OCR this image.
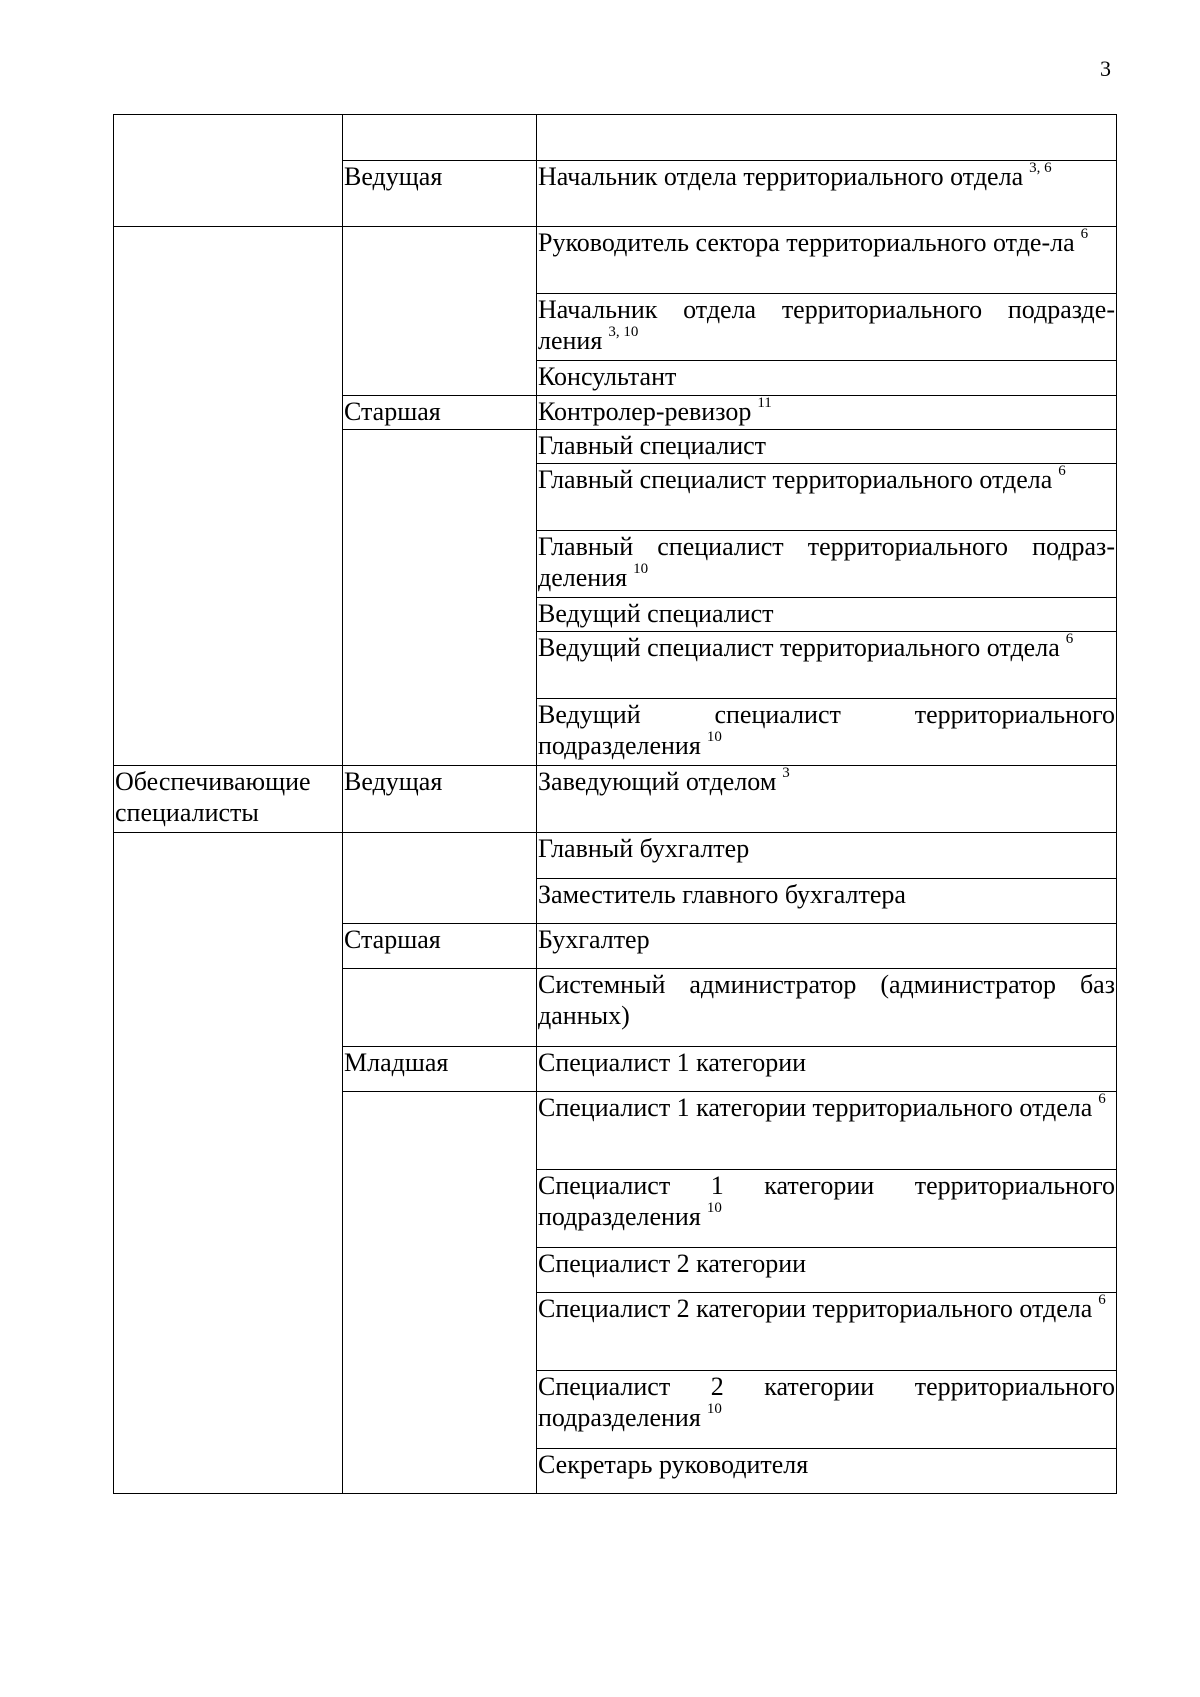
3

	Ведущая	Начальник отдела территориального отдела $^{3, 6}$
		Руководитель сектора территориального отде-ла $^6$
		Начальник отдела территориального подразде-ления $^{3, 10}$
		Консультант
	Старшая	Контролер-ревизор $^{11}$
		Главный специалист
		Главный специалист территориального отдела $^6$
		Главный специалист территориального подраз-деления $^{10}$
		Ведущий специалист
		Ведущий специалист территориального отдела $^6$
		Ведущий специалист территориального подразделения $^{10}$
Обеспечивающие специалисты	Ведущая	Заведующий отделом $^3$
		Главный бухгалтер
		Заместитель главного бухгалтера
	Старшая	Бухгалтер
		Системный администратор (администратор баз данных)
	Младшая	Специалист 1 категории
		Специалист 1 категории территориального отдела $^6$
		Специалист 1 категории территориального подразделения $^{10}$
		Специалист 2 категории
		Специалист 2 категории территориального отдела $^6$
		Специалист 2 категории территориального подразделения $^{10}$
		Секретарь руководителя
